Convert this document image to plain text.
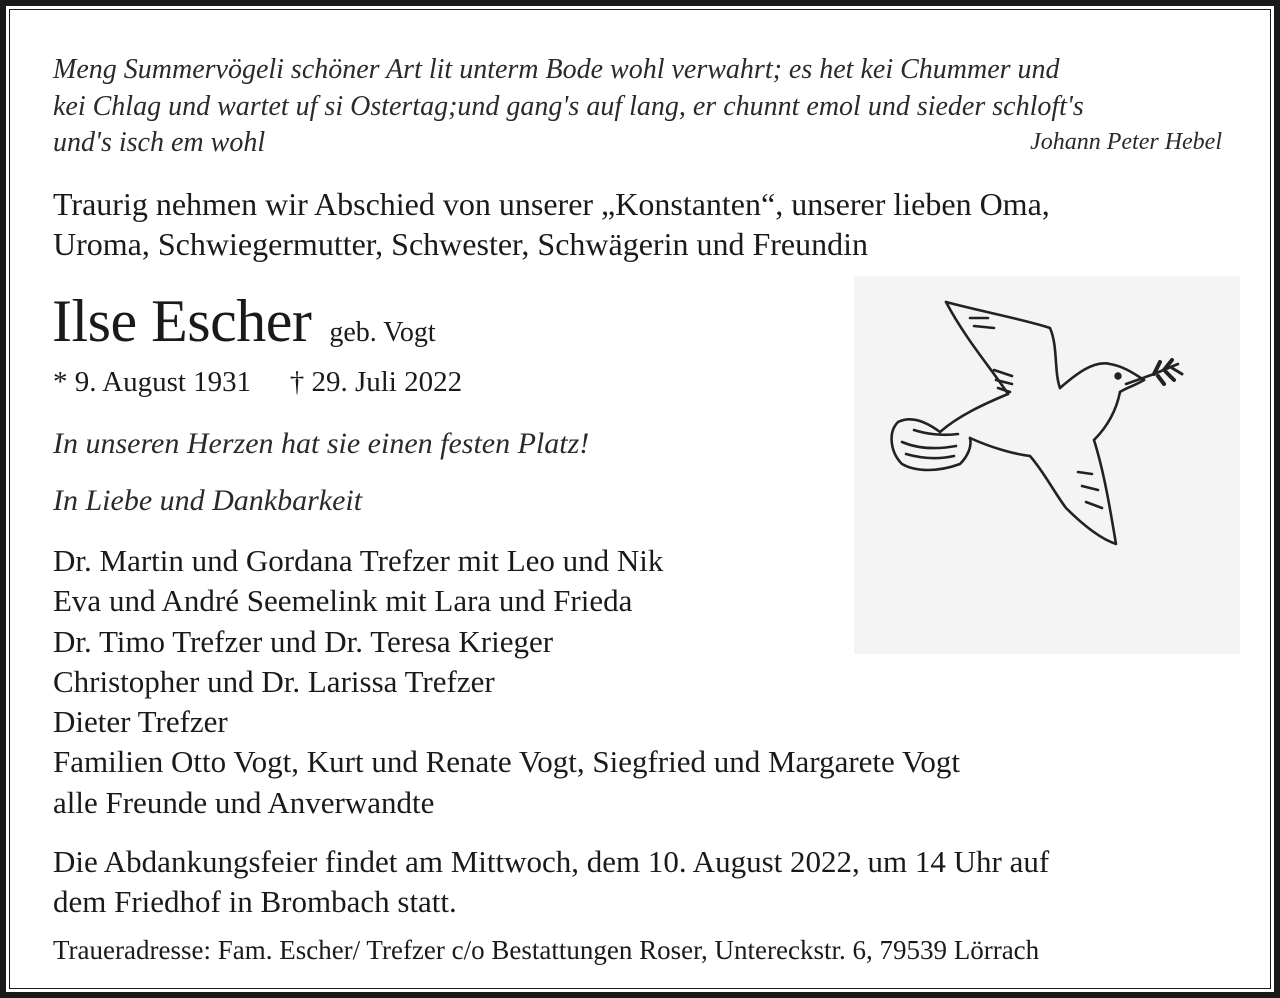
Meng Summervögeli schöner Art lit unterm Bode wohl verwahrt; es het kei Chummer und
kei Chlag und wartet uf si Ostertag;und gang's auf lang, er chunnt emol und sieder schloft's
und's isch em wohl	Johann Peter Hebel
Traurig nehmen wir Abschied von unserer „Konstanten“, unserer lieben Oma,
Uroma, Schwiegermutter, Schwester, Schwägerin und Freundin
Ilse Escher geb. Vogt
* 9. August 1931 † 29. Juli 2022
In unseren Herzen hat sie einen festen Platz!
In Liebe und Dankbarkeit
Dr. Martin und Gordana Trefzer mit Leo und Nik
Eva und André Seemelink mit Lara und Frieda
Dr. Timo Trefzer und Dr. Teresa Krieger
Christopher und Dr. Larissa Trefzer
Dieter Trefzer
Familien Otto Vogt, Kurt und Renate Vogt, Siegfried und Margarete Vogt
alle Freunde und Anverwandte
Die Abdankungsfeier findet am Mittwoch, dem 10. August 2022, um 14 Uhr auf
dem Friedhof in Brombach statt.
Traueradresse: Fam. Escher/ Trefzer c/o Bestattungen Roser, Untereckstr. 6, 79539 Lörrach
